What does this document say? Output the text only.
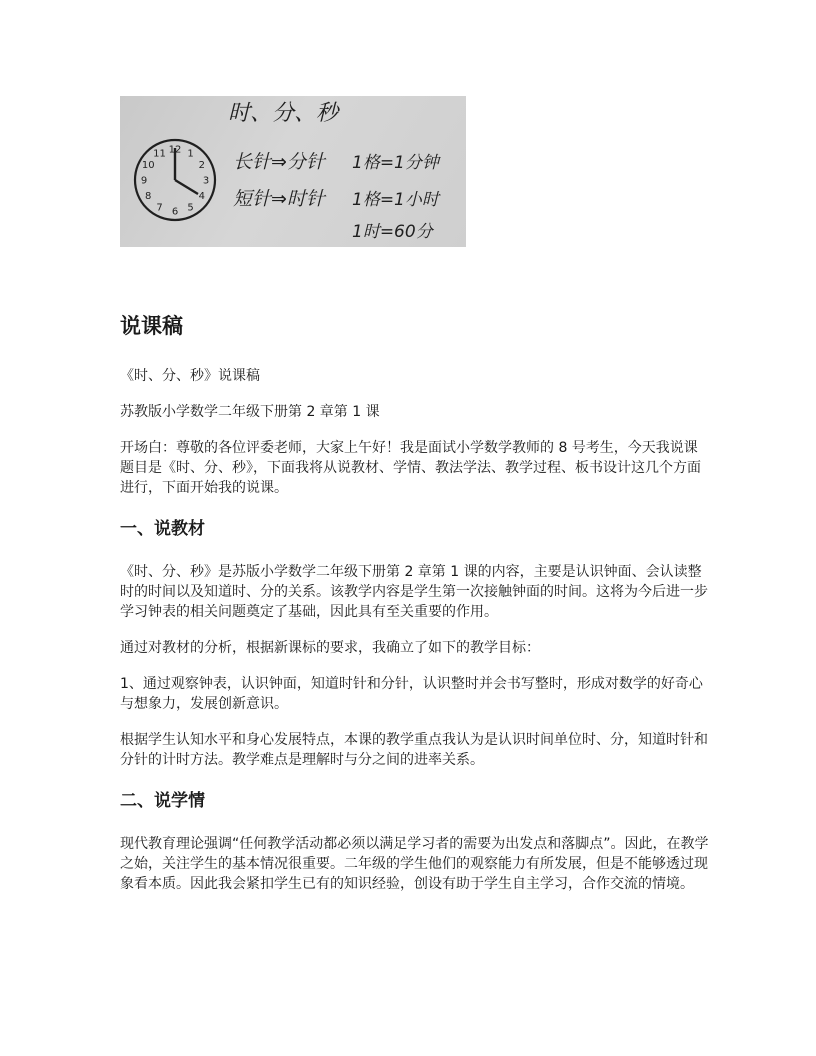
时、分、秒
12 1
2
3
4
5
6
7
8
9
10
11	长针⇒分针
短针⇒时针
1格=1分钟
1格=1小时
1时=60分
说课稿

《时、分、秒》说课稿

苏教版小学数学二年级下册第 2 章第 1 课

开场白：尊敬的各位评委老师，大家上午好！我是面试小学数学教师的 8 号考生，今天我说课题目是《时、分、秒》，下面我将从说教材、学情、教法学法、教学过程、板书设计这几个方面进行，下面开始我的说课。

一、说教材

《时、分、秒》是苏版小学数学二年级下册第 2 章第 1 课的内容，主要是认识钟面、会认读整时的时间以及知道时、分的关系。该教学内容是学生第一次接触钟面的时间。这将为今后进一步学习钟表的相关问题奠定了基础，因此具有至关重要的作用。

通过对教材的分析，根据新课标的要求，我确立了如下的教学目标：

1、通过观察钟表，认识钟面，知道时针和分针，认识整时并会书写整时，形成对数学的好奇心与想象力，发展创新意识。

根据学生认知水平和身心发展特点，本课的教学重点我认为是认识时间单位时、分，知道时针和分针的计时方法。教学难点是理解时与分之间的进率关系。

二、说学情

现代教育理论强调“任何教学活动都必须以满足学习者的需要为出发点和落脚点”。因此，在教学之始，关注学生的基本情况很重要。二年级的学生他们的观察能力有所发展，但是不能够透过现象看本质。因此我会紧扣学生已有的知识经验，创设有助于学生自主学习，合作交流的情境。
